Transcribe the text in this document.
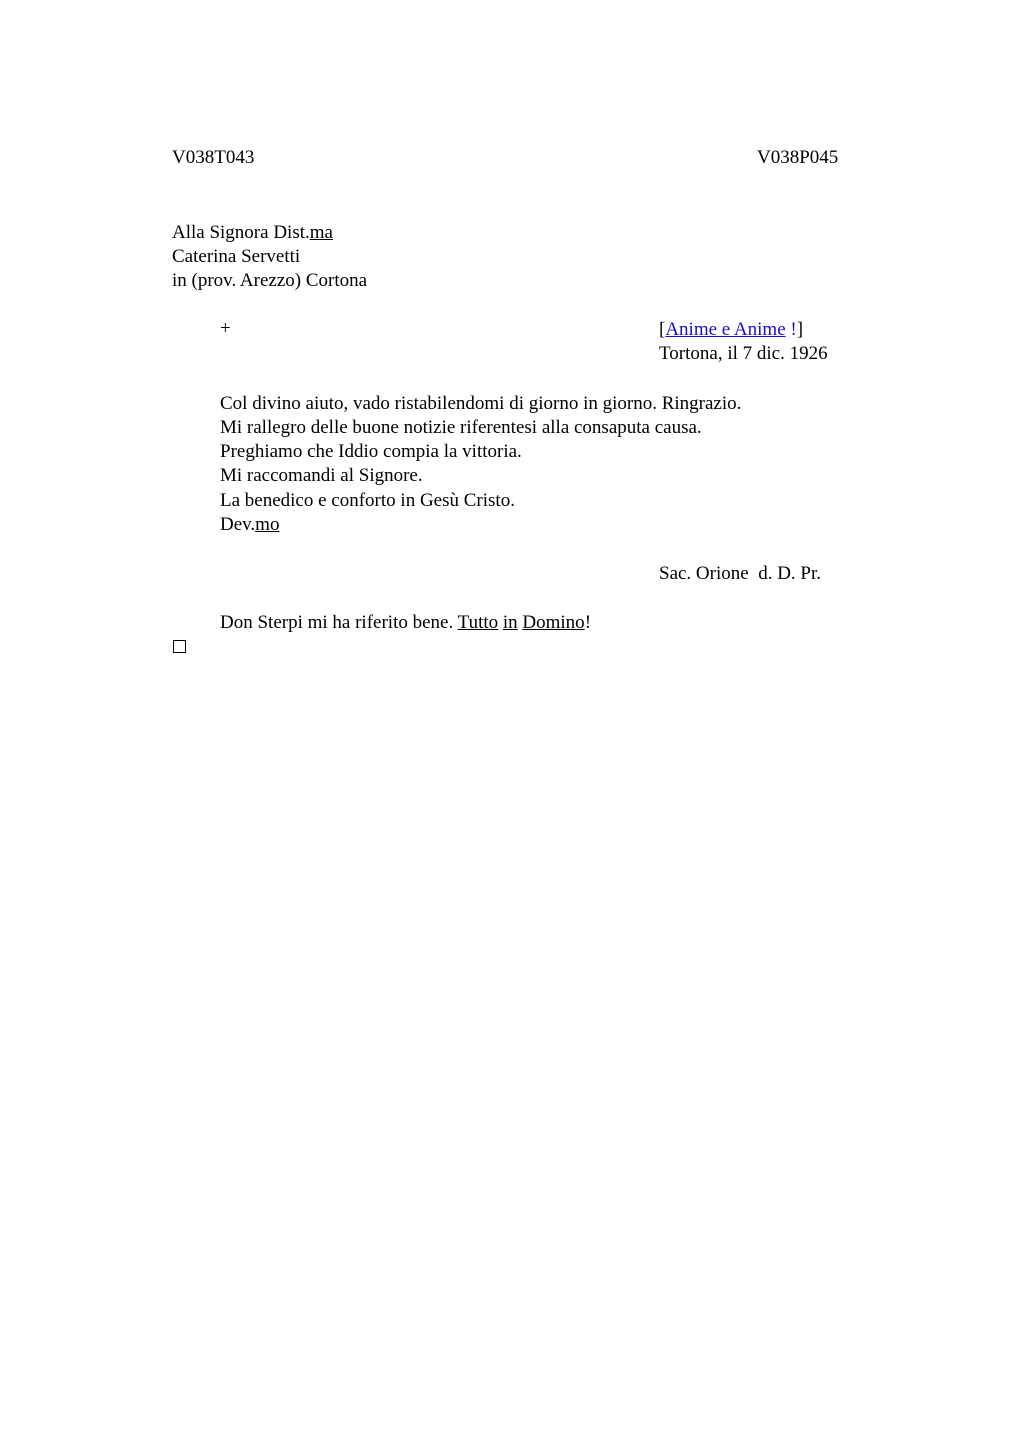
V038T043	V038P045
Alla Signora Dist.ma
Caterina Servetti
in (prov. Arezzo) Cortona
+	[Anime e Anime !]
Tortona, il 7 dic. 1926
Col divino aiuto, vado ristabilendomi di giorno in giorno. Ringrazio.
Mi rallegro delle buone notizie riferentesi alla consaputa causa.
Preghiamo che Iddio compia la vittoria.
Mi raccomandi al Signore.
La benedico e conforto in Gesù Cristo.
Dev.mo
Sac. Orione  d. D. Pr.
Don Sterpi mi ha riferito bene. Tutto in Domino!
